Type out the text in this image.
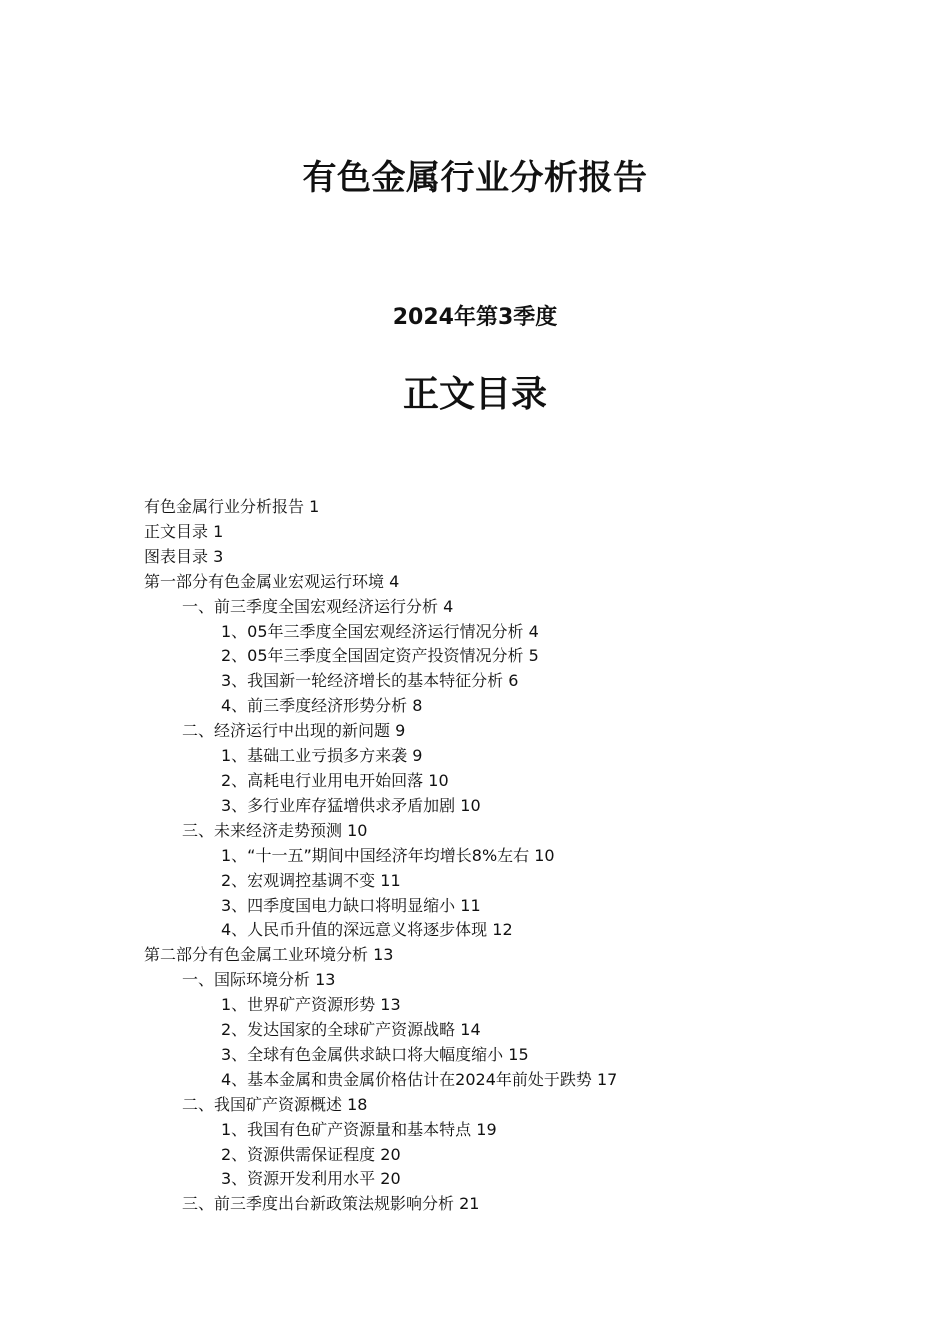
有色金属行业分析报告
2024年第3季度
正文目录
有色金属行业分析报告 1
正文目录 1
图表目录 3
第一部分有色金属业宏观运行环境 4
一、前三季度全国宏观经济运行分析 4
1、05年三季度全国宏观经济运行情况分析 4
2、05年三季度全国固定资产投资情况分析 5
3、我国新一轮经济增长的基本特征分析 6
4、前三季度经济形势分析 8
二、经济运行中出现的新问题 9
1、基础工业亏损多方来袭 9
2、高耗电行业用电开始回落 10
3、多行业库存猛增供求矛盾加剧 10
三、未来经济走势预测 10
1、“十一五”期间中国经济年均增长8%左右 10
2、宏观调控基调不变 11
3、四季度国电力缺口将明显缩小 11
4、人民币升值的深远意义将逐步体现 12
第二部分有色金属工业环境分析 13
一、国际环境分析 13
1、世界矿产资源形势 13
2、发达国家的全球矿产资源战略 14
3、全球有色金属供求缺口将大幅度缩小 15
4、基本金属和贵金属价格估计在2024年前处于跌势 17
二、我国矿产资源概述 18
1、我国有色矿产资源量和基本特点 19
2、资源供需保证程度 20
3、资源开发利用水平 20
三、前三季度出台新政策法规影响分析 21
